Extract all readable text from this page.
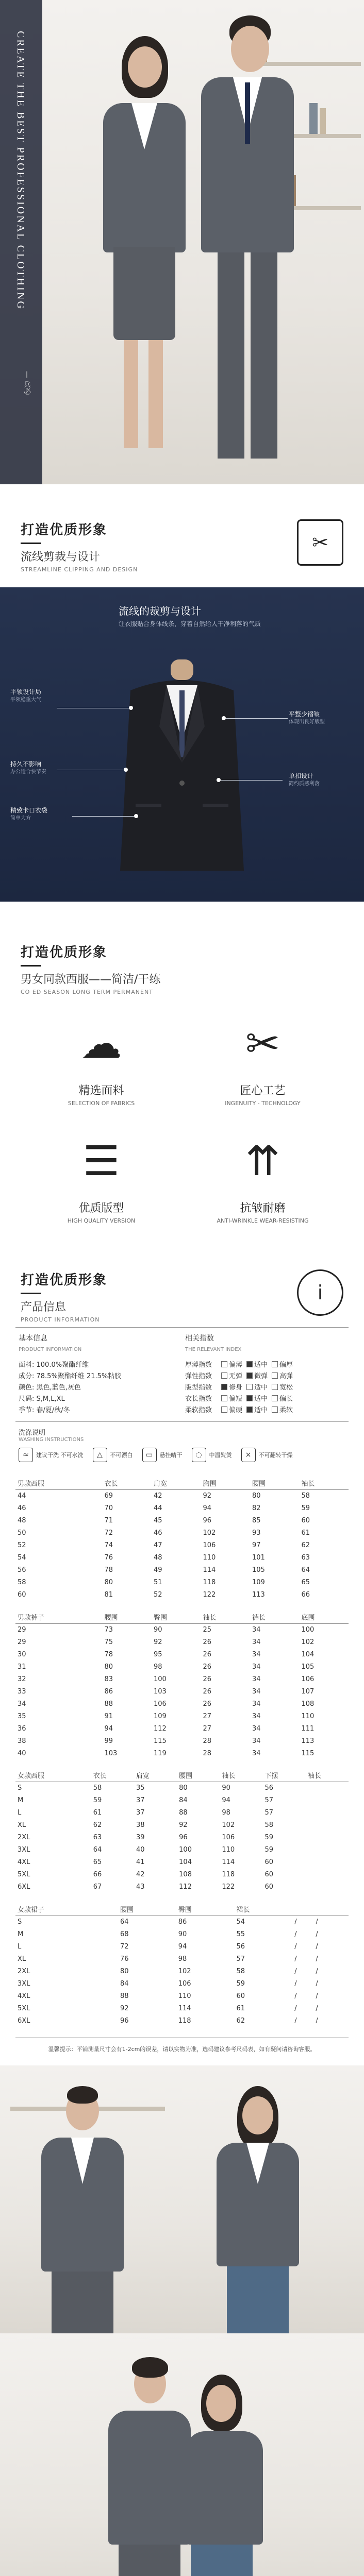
CREATE THE BEST PROFESSIONAL CLOTHING
— 兵必
打造优质形象
流线剪裁与设计
STREAMLINE CLIPPING AND DESIGN
✂
流线的裁剪与设计
让衣服贴合身体线条，穿着自然给人干净利落的气质
平领设计局
平领稳重大气
平整少褶皱
体现出良好版型
持久不影响
办公适合快节奏
单扣设计
简约质感利落
精致卡口衣袋
简单大方
打造优质形象
男女同款西服——简洁/干练
CO ED SEASON LONG TERM PERMANENT
☁
精选面料
SELECTION OF FABRICS
✂
匠心工艺
INGENUITY - TECHNOLOGY
☰
优质版型
HIGH QUALITY VERSION
⇈
抗皱耐磨
ANTI-WRINKLE WEAR-RESISTING
打造优质形象
产品信息
PRODUCT INFORMATION
i
基本信息
PRODUCT INFORMATION
面料: 100.0%聚酯纤维
成分: 78.5%聚酯纤维 21.5%粘胶
颜色: 黑色,蓝色,灰色
尺码: S,M,L,XL
季节: 春/夏/秋/冬
相关指数
THE RELEVANT INDEX
厚薄指数	偏薄 适中 偏厚
弹性指数	无弹 微弹 高弹
版型指数	修身 适中 宽松
衣长指数	偏短 适中 偏长
柔软指数	偏硬 适中 柔软
洗涤说明
WASHING INSTRUCTIONS
≈	建议干洗 不可水洗	△	不可漂白	▭	悬挂晴干	◌	中温熨烫	×	不可翻转干燥
男款西服	衣长	肩宽	胸围	腰围	袖长
44	69	42	92	80	58
46	70	44	94	82	59
48	71	45	96	85	60
50	72	46	102	93	61
52	74	47	106	97	62
54	76	48	110	101	63
56	78	49	114	105	64
58	80	51	118	109	65
60	81	52	122	113	66
男款裤子	腰围	臀围	袖长	裤长	底围
29	73	90	25	34	100
29	75	92	26	34	102
30	78	95	26	34	104
31	80	98	26	34	105
32	83	100	26	34	106
33	86	103	26	34	107
34	88	106	26	34	108
35	91	109	27	34	110
36	94	112	27	34	111
38	99	115	28	34	113
40	103	119	28	34	115
女款西服	衣长	肩宽	腰围	袖长	下摆	袖长
S	58	35	80	90	56	
M	59	37	84	94	57	
L	61	37	88	98	57	
XL	62	38	92	102	58	
2XL	63	39	96	106	59	
3XL	64	40	100	110	59	
4XL	65	41	104	114	60	
5XL	66	42	108	118	60	
6XL	67	43	112	122	60	
女款裙子	腰围	臀围	裙长			
S	64	86	54	/	/	
M	68	90	55	/	/	
L	72	94	56	/	/	
XL	76	98	57	/	/	
2XL	80	102	58	/	/	
3XL	84	106	59	/	/	
4XL	88	110	60	/	/	
5XL	92	114	61	/	/	
6XL	96	118	62	/	/	
温馨提示：平铺测量尺寸会有1-2cm的误差，请以实物为准，选码建议参考尺码表，如有疑问请咨询客服。
